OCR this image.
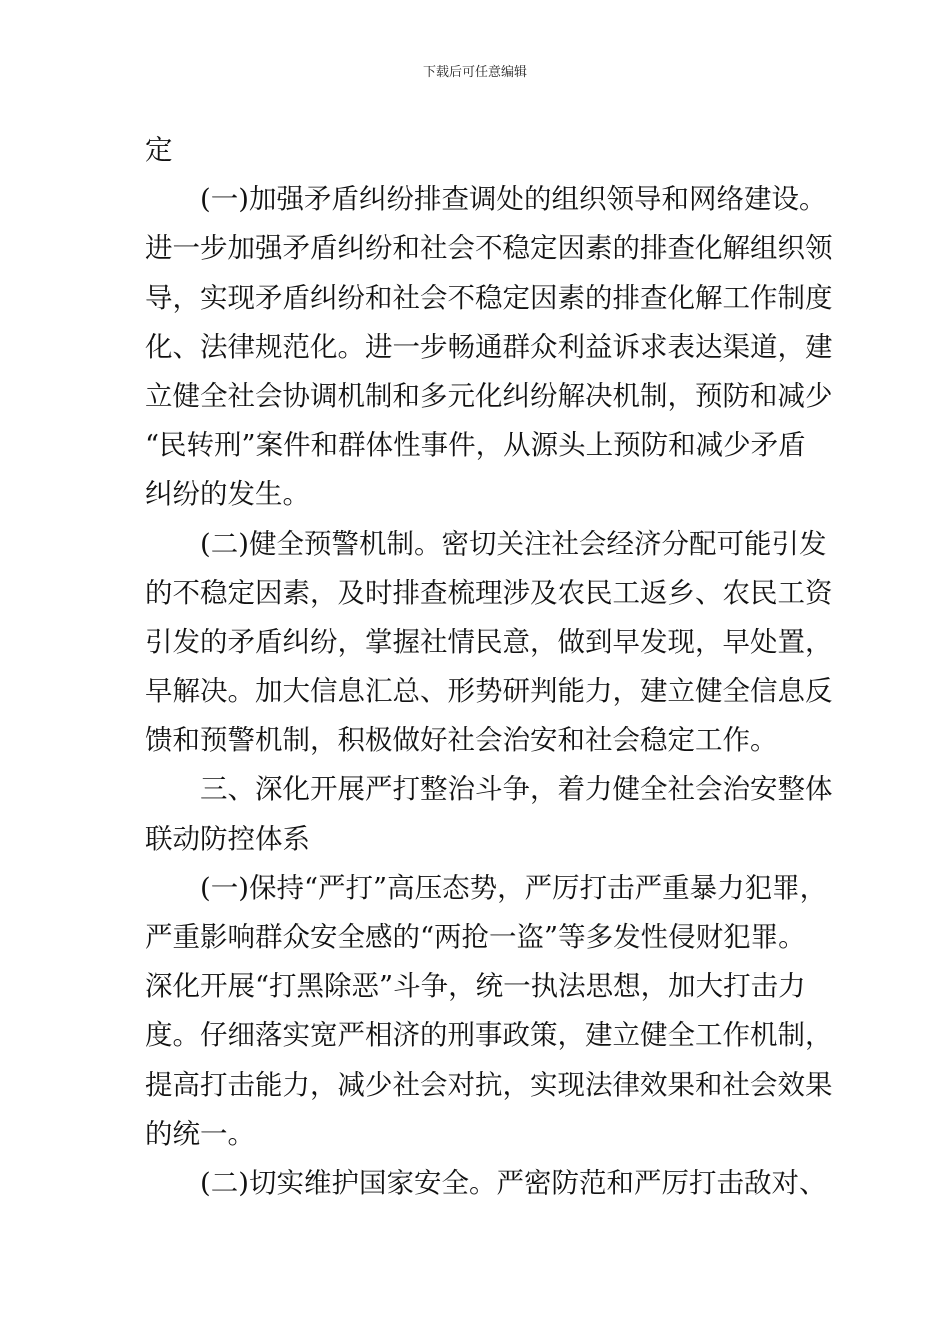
下载后可任意编辑
定
(一)加强矛盾纠纷排查调处的组织领导和网络建设。
进一步加强矛盾纠纷和社会不稳定因素的排查化解组织领
导，实现矛盾纠纷和社会不稳定因素的排查化解工作制度
化、法律规范化。进一步畅通群众利益诉求表达渠道，建
立健全社会协调机制和多元化纠纷解决机制，预防和减少
“民转刑”案件和群体性事件，从源头上预防和减少矛盾
纠纷的发生。
(二)健全预警机制。密切关注社会经济分配可能引发
的不稳定因素，及时排查梳理涉及农民工返乡、农民工资
引发的矛盾纠纷，掌握社情民意，做到早发现，早处置，
早解决。加大信息汇总、形势研判能力，建立健全信息反
馈和预警机制，积极做好社会治安和社会稳定工作。
三、深化开展严打整治斗争，着力健全社会治安整体
联动防控体系
(一)保持“严打”高压态势，严厉打击严重暴力犯罪，
严重影响群众安全感的“两抢一盗”等多发性侵财犯罪。
深化开展“打黑除恶”斗争，统一执法思想，加大打击力
度。仔细落实宽严相济的刑事政策，建立健全工作机制，
提高打击能力，减少社会对抗，实现法律效果和社会效果
的统一。
(二)切实维护国家安全。严密防范和严厉打击敌对、
